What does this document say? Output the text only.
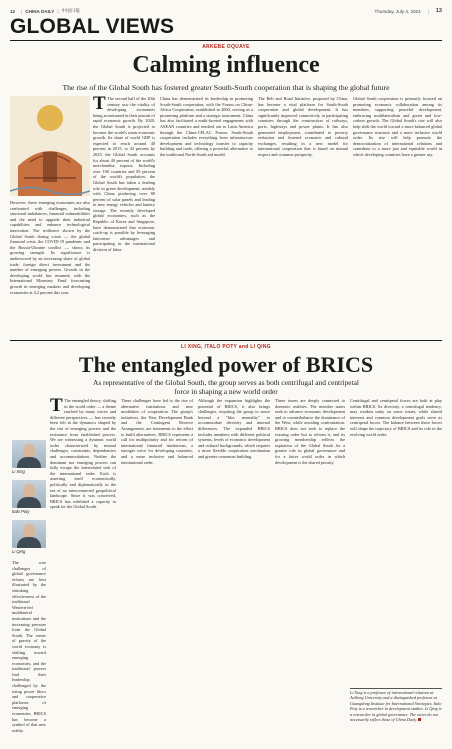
12 | CHINA DAILY | 中国日报	Thursday, July 4, 2024 | 13
GLOBAL VIEWS
ARKEBE OQUAYE
Calming influence
The rise of the Global South has fostered greater South-South cooperation that is shaping the global future
T The second half of the 20th century saw the vitality of developing economies being accentuated in their pursuit of rapid economic growth. By 2020, the Global South is projected to become the world's main economic growth. Its share of world GDP is expected to reach around 40 percent in 2015, to 43 percent by 2025, the Global South accounts for about 40 percent of the world's merchandise exports. Including over 100 countries and 85 percent of the world's population, the Global South has taken a leading role in green development, notably with China producing over 80 percent of solar panels and leading in new energy vehicles and battery storage. The recently developed global economies, such as the Republic of Korea and Singapore, have demonstrated that economic catch-up is possible by leveraging latecomer advantages and participating in the international division of labor.
However, these emerging economies are also confronted with challenges, including structural imbalances, financial vulnerabilities and the need to upgrade their industrial capabilities and enhance technological innovation. The resilience shown by the Global South during crises — the global financial crisis, the COVID-19 pandemic and the Russia-Ukraine conflict — shows its growing strength. Its significance is underscored by an increasing share of global trade, foreign direct investment and the number of emerging powers. Growth in the developing world has resumed, with the International Monetary Fund forecasting growth in emerging markets and developing economies at 4.2 percent this year.
China has demonstrated its leadership in promoting South-South cooperation, with the Forum on China-Africa Cooperation, established in 2000, serving as a pioneering platform and a strategic instrument. China has also facilitated a multi-faceted engagement with ASEAN countries and reached out to Latin America through the China-CELAC Forum. South-South cooperation includes everything from infrastructure development and technology transfer to capacity building and trade, offering a powerful alternative to the traditional North-South aid model.
The Belt and Road Initiative, proposed by China, has become a vital platform for South-South cooperation and global development. It has significantly improved connectivity in participating countries through the construction of railways, ports, highways and power plants. It has also generated employment, contributed to poverty reduction and fostered economic and cultural exchanges, resulting in a new model for international cooperation that is based on mutual respect and common prosperity.
Global South cooperation is primarily focused on promoting economic collaboration among its members, supporting peaceful development, embracing multilateralism and green and low-carbon growth. The Global South's rise will also help shift the world toward a more balanced global governance structure and a more inclusive world order. Its rise will help promote the democratization of international relations and contribute to a more just and equitable world in which developing countries have a greater say.
LI XING, ITALO POTY and LI QING
The entangled power of BRICS
As representative of the Global South, the group serves as both centrifugal and centripetal force in shaping a new world order
Li Xing
Italo Poty
Li Qing
T The entangled theory, shifting in the world order — a theme reached by many voices and different perspectives — has recently been felt in the dynamics shaped by the rise of emerging powers and the resistance from established powers. We are witnessing a dynamic world order characterized by mutual challenges, constraints, dependencies and accommodations. Neither the dominant nor emerging powers can fully escape the interrelated web of the international order. Each is asserting itself economically, politically and diplomatically in the era of an interconnected geopolitical landscape. Since it was conceived, BRICS has exhibited a capacity to speak for the Global South.
The core challenges of global governance reform are best illustrated by the shrinking effectiveness of the traditional Western-led multilateral institutions and the increasing pressure from the Global South. The center of gravity of the world economy is shifting toward emerging economies, and the traditional powers find their leadership challenged by the rising power blocs and cooperative platforms of emerging economies. BRICS has become a symbol of that new reality.
These challenges have led to the rise of alternative institutions and new modalities of cooperation. The group's initiatives, the New Development Bank and the Contingent Reserve Arrangement, are testaments to the effort to build alternatives. BRICS represents a call for multipolarity and for reform of international financial institutions, a stronger voice for developing countries, and a more inclusive and balanced international order.
Although the expansion highlights the potential of BRICS, it also brings challenges, requiring the group to move beyond a "bloc mentality" to accommodate diversity and internal differences. The expanded BRICS includes members with different political systems, levels of economic development and cultural backgrounds, which requires a more flexible cooperation mechanism and greater consensus building.
These issues are deeply connected to domestic realities. The member states seek to advance economic development and to counterbalance the dominance of the West, while avoiding confrontation. BRICS does not seek to replace the existing order but to reform it, and its growing membership reflects the aspiration of the Global South for a greater role in global governance and for a fairer world order in which development is the shared priority.
Centrifugal and centripetal forces are both at play within BRICS. Its diversity, a centrifugal tendency, may weaken unity on some issues, while shared interests and common development goals serve as centripetal forces. The balance between these forces will shape the trajectory of BRICS and its role in the evolving world order.
Li Xing is a professor of international relations at Aalborg University and a distinguished professor at Guangdong Institute for International Strategies. Italo Poty is a researcher in development studies. Li Qing is a researcher in global governance. The views do not necessarily reflect those of China Daily.
